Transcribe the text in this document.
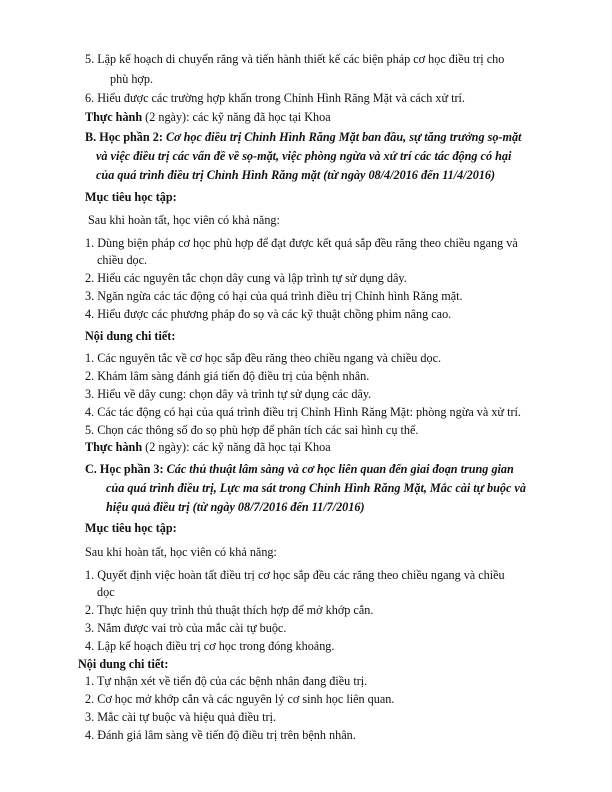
5. Lập kế hoạch di chuyển răng và tiến hành thiết kế các biện pháp cơ học điều trị cho
phù hợp.
6. Hiểu được các trường hợp khẩn trong Chỉnh Hình Răng Mặt và cách xử trí.
Thực hành (2 ngày): các kỹ năng đã học tại Khoa
B. Học phần 2: Cơ học điều trị Chỉnh Hình Răng Mặt ban đầu, sự tăng trưởng sọ-mặt
và việc điều trị các vấn đề về sọ-mặt, việc phòng ngừa và xử trí các tác động có hại
của quá trình điều trị Chỉnh Hình Răng mặt (từ ngày 08/4/2016 đến 11/4/2016)
Mục tiêu học tập:
Sau khi hoàn tất, học viên có khả năng:
1. Dùng biện pháp cơ học phù hợp để đạt được kết quả sắp đều răng theo chiều ngang và
chiều dọc.
2. Hiểu các nguyên tắc chọn dây cung và lập trình tự sử dụng dây.
3. Ngăn ngừa các tác động có hại của quá trình điều trị Chỉnh hình Răng mặt.
4. Hiểu được các phương pháp đo sọ và các kỹ thuật chồng phim nâng cao.
Nội dung chi tiết:
1. Các nguyên tắc về cơ học sắp đều răng theo chiều ngang và chiều dọc.
2. Khám lâm sàng đánh giá tiến độ điều trị của bệnh nhân.
3. Hiểu về dây cung: chọn dây và trình tự sử dụng các dây.
4. Các tác động có hại của quá trình điều trị Chỉnh Hình Răng Mặt: phòng ngừa và xử trí.
5. Chọn các thông số đo sọ phù hợp để phân tích các sai hình cụ thể.
Thực hành (2 ngày): các kỹ năng đã học tại Khoa
C. Học phần 3: Các thủ thuật lâm sàng và cơ học liên quan đến giai đoạn trung gian
của quá trình điều trị, Lực ma sát trong Chỉnh Hình Răng Mặt, Mắc cài tự buộc và
hiệu quả điều trị (từ ngày 08/7/2016 đến 11/7/2016)
Mục tiêu học tập:
Sau khi hoàn tất, học viên có khả năng:
1. Quyết định việc hoàn tất điều trị cơ học sắp đều các răng theo chiều ngang và chiều
dọc
2. Thực hiện quy trình thủ thuật thích hợp để mở khớp cắn.
3. Nắm được vai trò của mắc cài tự buộc.
4. Lập kế hoạch điều trị cơ học trong đóng khoảng.
Nội dung chi tiết:
1. Tự nhận xét về tiến độ của các bệnh nhân đang điều trị.
2. Cơ học mở khớp cắn và các nguyên lý cơ sinh học liên quan.
3. Mắc cài tự buộc và hiệu quả điều trị.
4. Đánh giá lâm sàng về tiến độ điều trị trên bệnh nhân.
